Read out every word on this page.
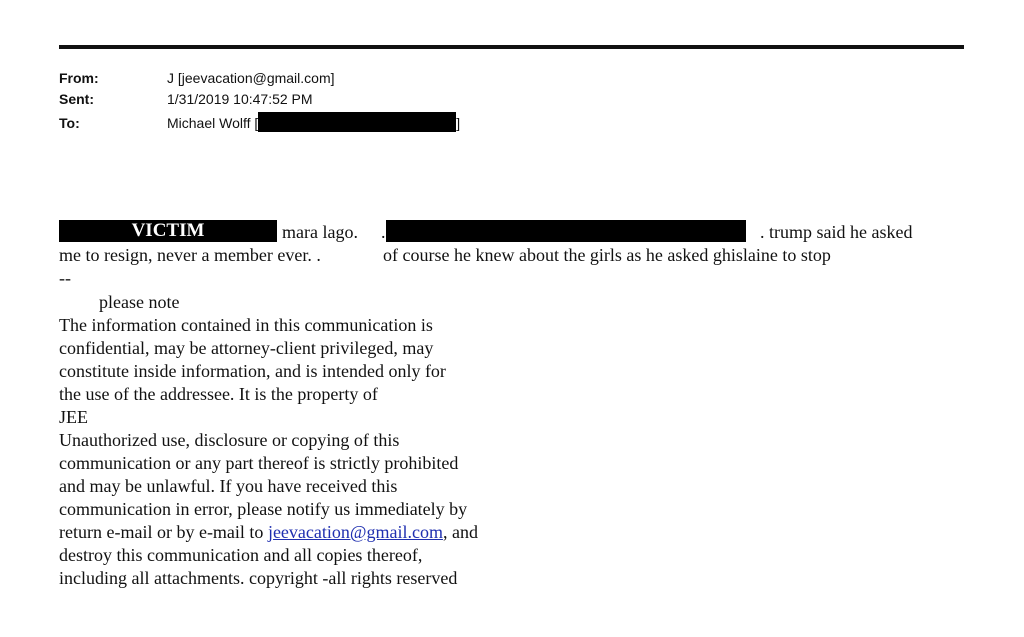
From:	J [jeevacation@gmail.com]
Sent:	1/31/2019 10:47:52 PM
To:	Michael Wolff [	]
VICTIM	mara lago. .	. trump said he asked
me to resign, never a member ever. .	of course he knew about the girls as he asked ghislaine to stop
--
please note
The information contained in this communication is
confidential, may be attorney-client privileged, may
constitute inside information, and is intended only for
the use of the addressee. It is the property of
JEE
Unauthorized use, disclosure or copying of this
communication or any part thereof is strictly prohibited
and may be unlawful. If you have received this
communication in error, please notify us immediately by
return e-mail or by e-mail to jeevacation@gmail.com, and
destroy this communication and all copies thereof,
including all attachments. copyright -all rights reserved
